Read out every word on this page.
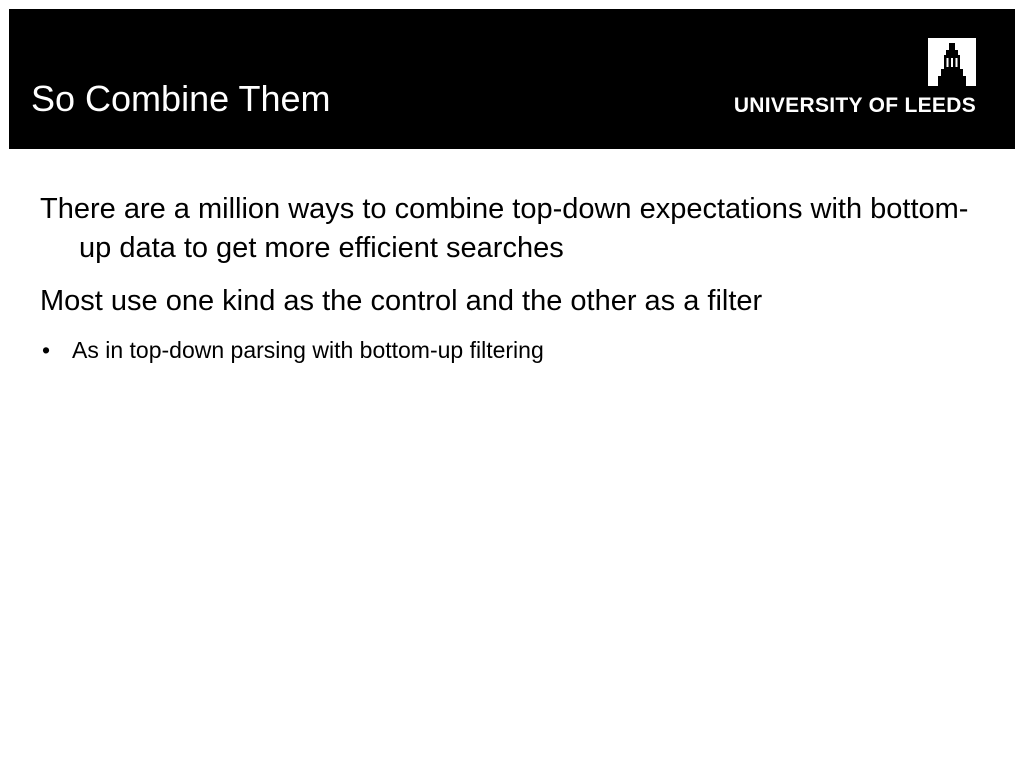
So Combine Them	UNIVERSITY OF LEEDS

There are a million ways to combine top-down expectations with bottom-up data to get more efficient searches

Most use one kind as the control and the other as a filter

• As in top-down parsing with bottom-up filtering
